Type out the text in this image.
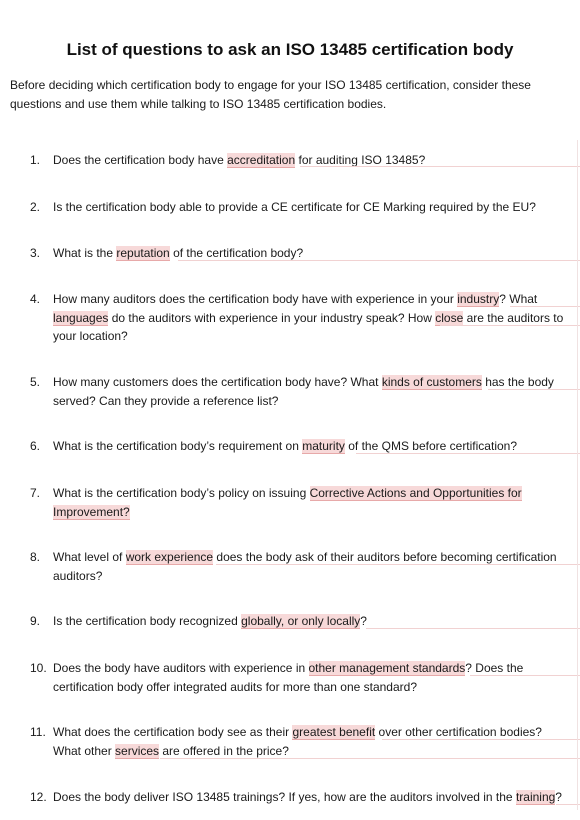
List of questions to ask an ISO 13485 certification body
Before deciding which certification body to engage for your ISO 13485 certification, consider these questions and use them while talking to ISO 13485 certification bodies.
1. Does the certification body have accreditation for auditing ISO 13485?
2. Is the certification body able to provide a CE certificate for CE Marking required by the EU?
3. What is the reputation of the certification body?
4. How many auditors does the certification body have with experience in your industry? What languages do the auditors with experience in your industry speak? How close are the auditors to your location?
5. How many customers does the certification body have? What kinds of customers has the body served? Can they provide a reference list?
6. What is the certification body’s requirement on maturity of the QMS before certification?
7. What is the certification body’s policy on issuing Corrective Actions and Opportunities for Improvement?
8. What level of work experience does the body ask of their auditors before becoming certification auditors?
9. Is the certification body recognized globally, or only locally?
10. Does the body have auditors with experience in other management standards? Does the certification body offer integrated audits for more than one standard?
11. What does the certification body see as their greatest benefit over other certification bodies? What other services are offered in the price?
12. Does the body deliver ISO 13485 trainings? If yes, how are the auditors involved in the training?
